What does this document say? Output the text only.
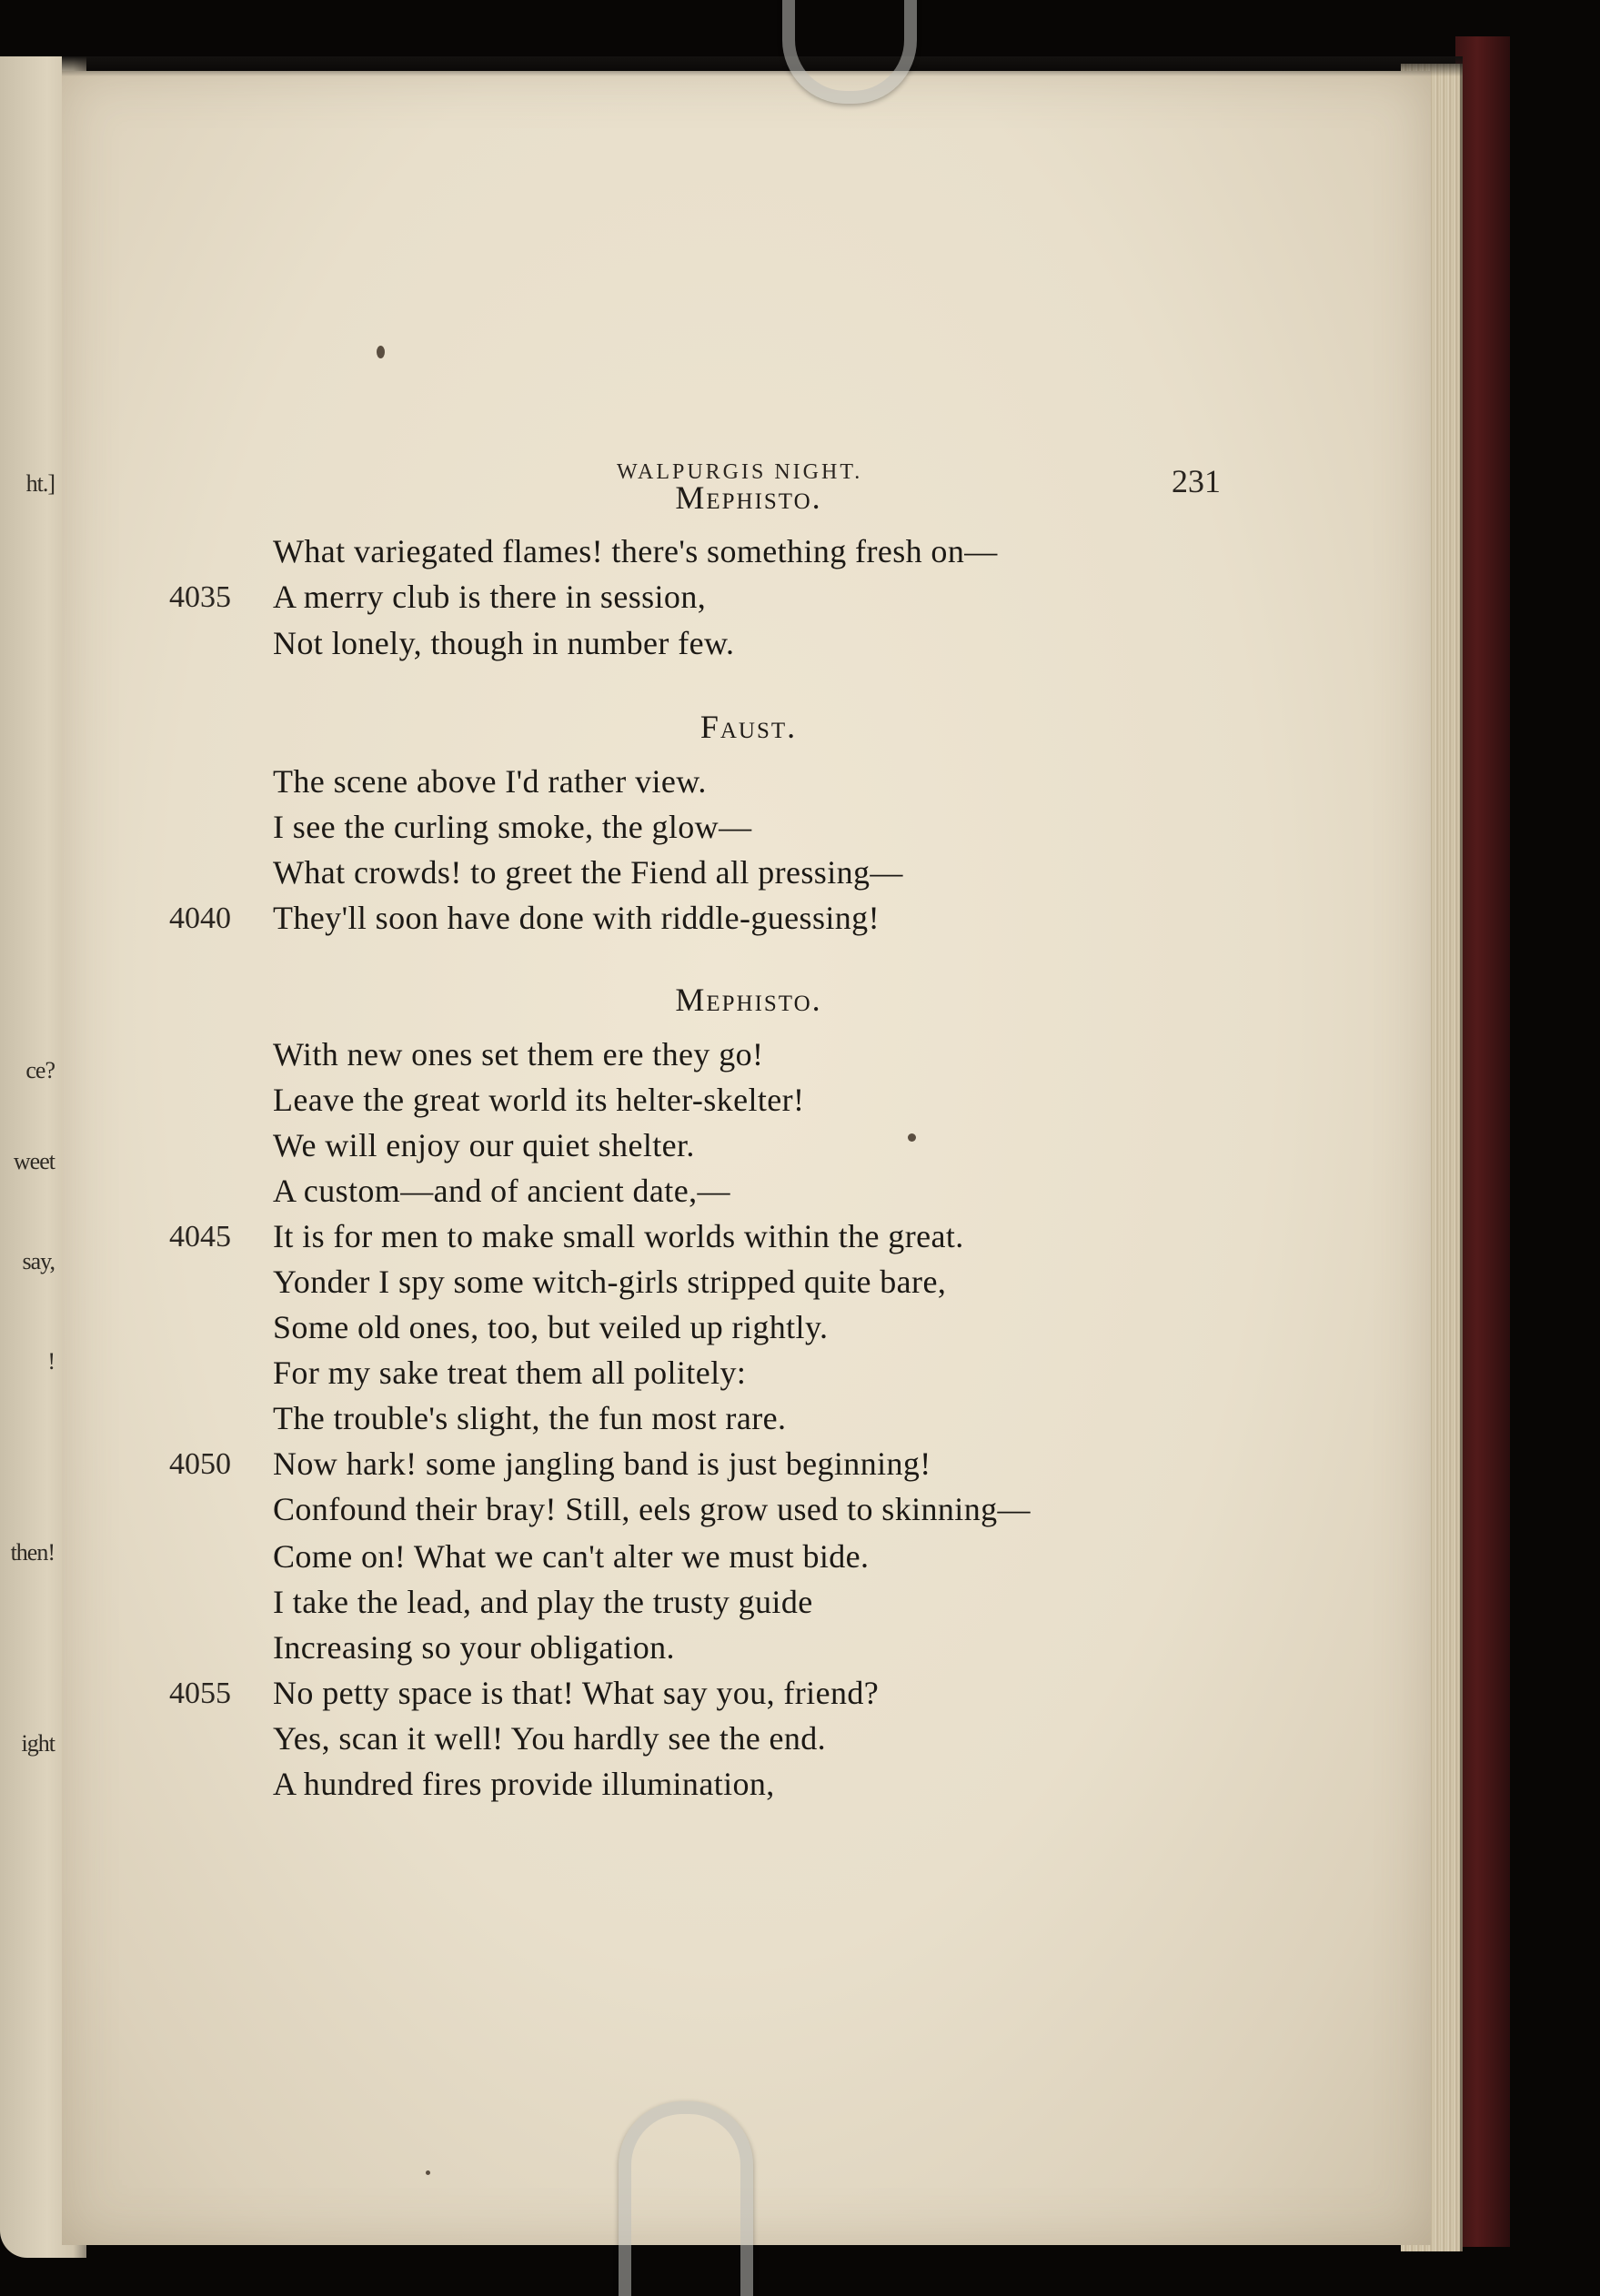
ht.]
ce?
weet
say,
!
then!
ight
WALPURGIS NIGHT.	231
Mephisto.
What variegated flames! there's something fresh on—
4035 A merry club is there in session,
Not lonely, though in number few.
Faust.
The scene above I'd rather view.
I see the curling smoke, the glow—
What crowds! to greet the Fiend all pressing—
4040 They'll soon have done with riddle-guessing!
Mephisto.
With new ones set them ere they go!
Leave the great world its helter-skelter!
We will enjoy our quiet shelter.
A custom—and of ancient date,—
4045 It is for men to make small worlds within the great.
Yonder I spy some witch-girls stripped quite bare,
Some old ones, too, but veiled up rightly.
For my sake treat them all politely:
The trouble's slight, the fun most rare.
4050 Now hark! some jangling band is just beginning!
Confound their bray! Still, eels grow used to skinning—
Come on! What we can't alter we must bide.
I take the lead, and play the trusty guide
Increasing so your obligation.
4055 No petty space is that! What say you, friend?
Yes, scan it well! You hardly see the end.
A hundred fires provide illumination,
